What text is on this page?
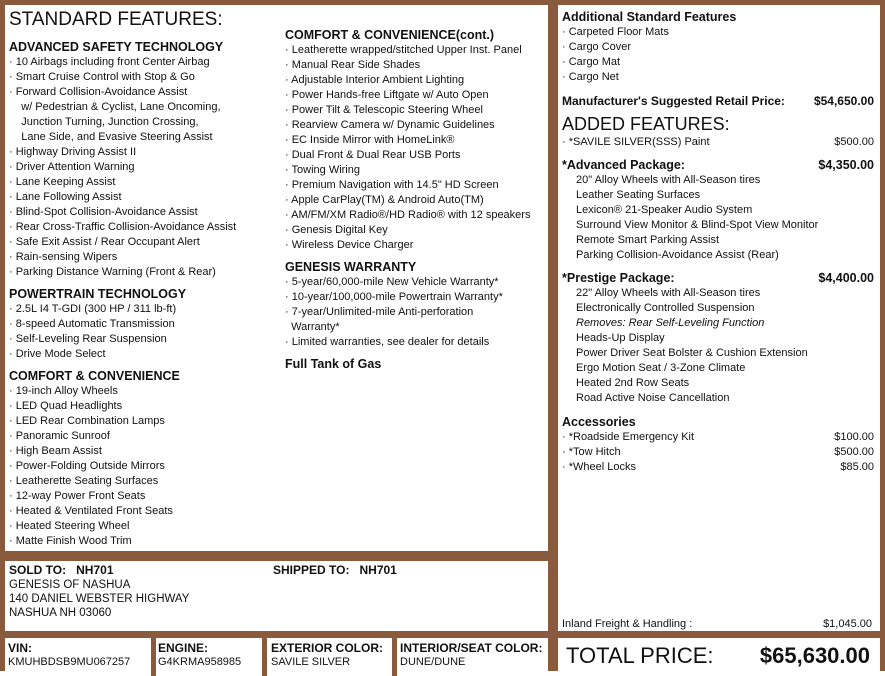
STANDARD FEATURES:
ADVANCED SAFETY TECHNOLOGY
· 10 Airbags including front Center Airbag
· Smart Cruise Control with Stop & Go
· Forward Collision-Avoidance Assist
w/ Pedestrian & Cyclist, Lane Oncoming,
Junction Turning, Junction Crossing,
Lane Side, and Evasive Steering Assist
· Highway Driving Assist II
· Driver Attention Warning
· Lane Keeping Assist
· Lane Following Assist
· Blind-Spot Collision-Avoidance Assist
· Rear Cross-Traffic Collision-Avoidance Assist
· Safe Exit Assist / Rear Occupant Alert
· Rain-sensing Wipers
· Parking Distance Warning (Front & Rear)
POWERTRAIN TECHNOLOGY
· 2.5L I4 T-GDI (300 HP / 311 lb-ft)
· 8-speed Automatic Transmission
· Self-Leveling Rear Suspension
· Drive Mode Select
COMFORT & CONVENIENCE
· 19-inch Alloy Wheels
· LED Quad Headlights
· LED Rear Combination Lamps
· Panoramic Sunroof
· High Beam Assist
· Power-Folding Outside Mirrors
· Leatherette Seating Surfaces
· 12-way Power Front Seats
· Heated & Ventilated Front Seats
· Heated Steering Wheel
· Matte Finish Wood Trim
COMFORT & CONVENIENCE(cont.)
· Leatherette wrapped/stitched Upper Inst. Panel
· Manual Rear Side Shades
· Adjustable Interior Ambient Lighting
· Power Hands-free Liftgate w/ Auto Open
· Power Tilt & Telescopic Steering Wheel
· Rearview Camera w/ Dynamic Guidelines
· EC Inside Mirror with HomeLink®
· Dual Front & Dual Rear USB Ports
· Towing Wiring
· Premium Navigation with 14.5" HD Screen
· Apple CarPlay(TM) & Android Auto(TM)
· AM/FM/XM Radio®/HD Radio® with 12 speakers
· Genesis Digital Key
· Wireless Device Charger
GENESIS WARRANTY
· 5-year/60,000-mile New Vehicle Warranty*
· 10-year/100,000-mile Powertrain Warranty*
· 7-year/Unlimited-mile Anti-perforation
Warranty*
· Limited warranties, see dealer for details
Full Tank of Gas
Additional Standard Features
· Carpeted Floor Mats
· Cargo Cover
· Cargo Mat
· Cargo Net
Manufacturer's Suggested Retail Price: $54,650.00
ADDED FEATURES:
· *SAVILE SILVER(SSS) Paint	$500.00
*Advanced Package:	$4,350.00
20" Alloy Wheels with All-Season tires
Leather Seating Surfaces
Lexicon® 21-Speaker Audio System
Surround View Monitor & Blind-Spot View Monitor
Remote Smart Parking Assist
Parking Collision-Avoidance Assist (Rear)
*Prestige Package:	$4,400.00
22" Alloy Wheels with All-Season tires
Electronically Controlled Suspension
Removes: Rear Self-Leveling Function
Heads-Up Display
Power Driver Seat Bolster & Cushion Extension
Ergo Motion Seat / 3-Zone Climate
Heated 2nd Row Seats
Road Active Noise Cancellation
Accessories
· *Roadside Emergency Kit	$100.00
· *Tow Hitch	$500.00
· *Wheel Locks	$85.00
Inland Freight & Handling :	$1,045.00
SOLD TO: NH701	SHIPPED TO: NH701
GENESIS OF NASHUA
140 DANIEL WEBSTER HIGHWAY
NASHUA NH 03060
VIN:
KMUHBDSB9MU067257
ENGINE:
G4KRMA958985
EXTERIOR COLOR:
SAVILE SILVER
INTERIOR/SEAT COLOR:
DUNE/DUNE	TOTAL PRICE: $65,630.00
